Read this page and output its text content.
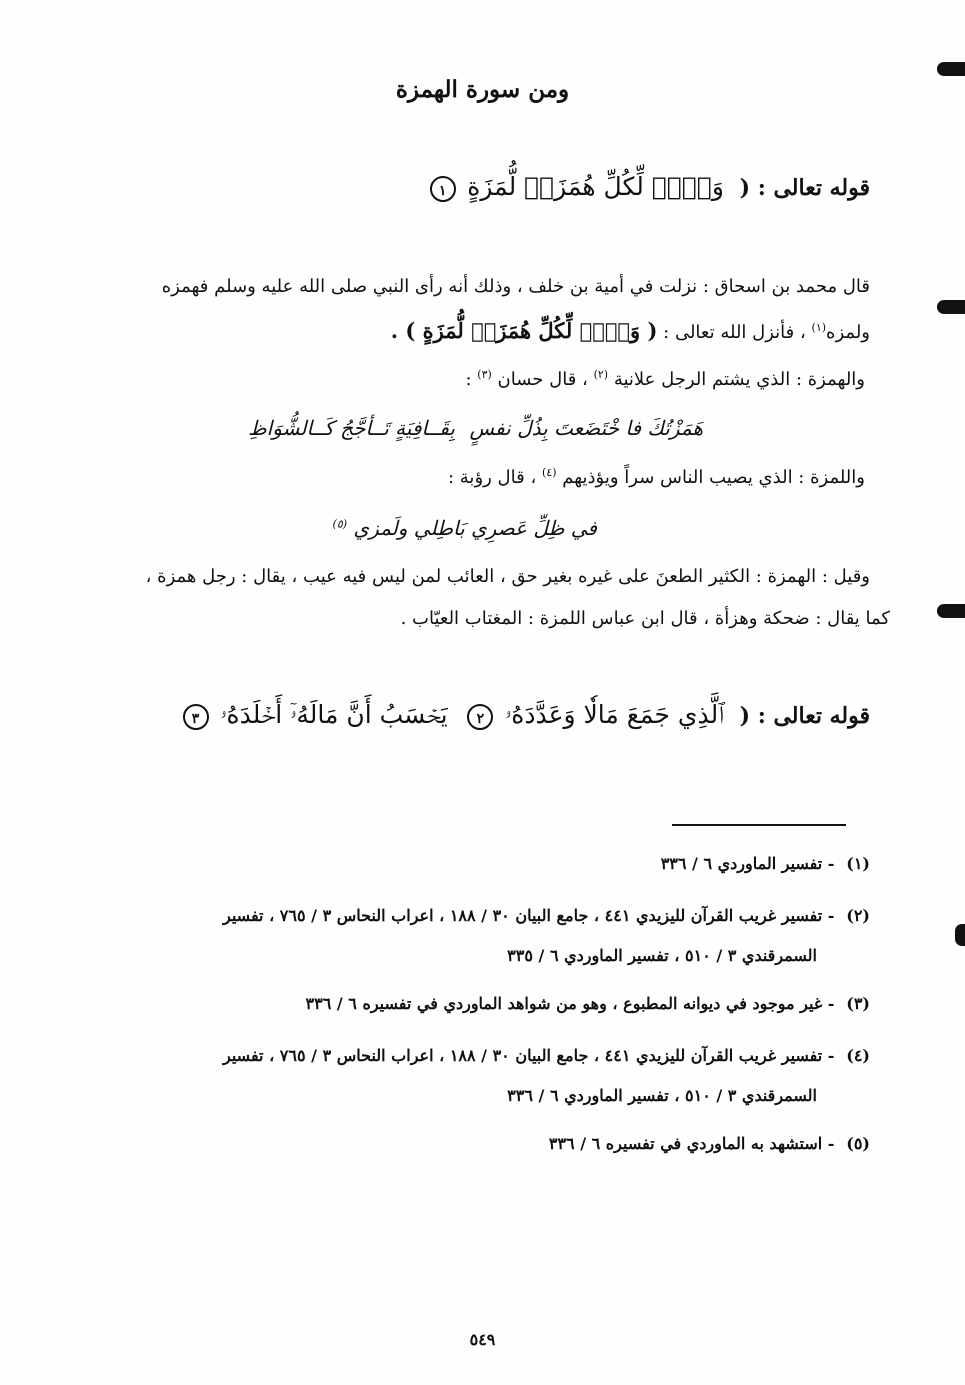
ومن سورة الهمزة
قوله تعالى : ( وَيۡلٞ لِّكُلِّ هُمَزَةٖ لُّمَزَةٍ ١
قال محمد بن اسحاق : نزلت في أمية بن خلف ، وذلك أنه رأى النبي صلى الله عليه وسلم فهمزه
ولمزه$^{(١)}$ ، فأنزل الله تعالى : ( وَيۡلٞ لِّكُلِّ هُمَزَةٖ لُّمَزَةٍ ) .
والهمزة : الذي يشتم الرجل علانية $^{(٢)}$ ، قال حسان $^{(٣)}$ :
هَمَزْتُكَ فا خْتَضَعتَ بِذُلِّ نفسٍ
بِقَــافِيَةٍ تَــأجَّجُ كَــالشُّوَاظِ
واللمزة : الذي يصيب الناس سراً ويؤذيهم $^{(٤)}$ ، قال رؤبة :
في ظِلِّ عَصرِي بَاطِلي ولَمزي $^{(٥)}$
وقيل : الهمزة : الكثير الطعنَ على غيره بغير حق ، العائب لمن ليس فيه عيب ، يقال : رجل همزة ،
كما يقال : ضحكة وهزأة ، قال ابن عباس اللمزة : المغتاب العيّاب .
قوله تعالى : ( ٱلَّذِي جَمَعَ مَالٗا وَعَدَّدَهُۥ ٢ يَحۡسَبُ أَنَّ مَالَهُۥٓ أَخۡلَدَهُۥ ٣
(١) - تفسير الماوردي ٦ / ٣٣٦
(٢) - تفسير غريب القرآن لليزيدي ٤٤١ ، جامع البيان ٣٠ / ١٨٨ ، اعراب النحاس ٣ / ٧٦٥ ، تفسير
السمرقندي ٣ / ٥١٠ ، تفسير الماوردي ٦ / ٣٣٥
(٣) - غير موجود في ديوانه المطبوع ، وهو من شواهد الماوردي في تفسيره ٦ / ٣٣٦
(٤) - تفسير غريب القرآن لليزيدي ٤٤١ ، جامع البيان ٣٠ / ١٨٨ ، اعراب النحاس ٣ / ٧٦٥ ، تفسير
السمرقندي ٣ / ٥١٠ ، تفسير الماوردي ٦ / ٣٣٦
(٥) - استشهد به الماوردي في تفسيره ٦ / ٣٣٦
٥٤٩
